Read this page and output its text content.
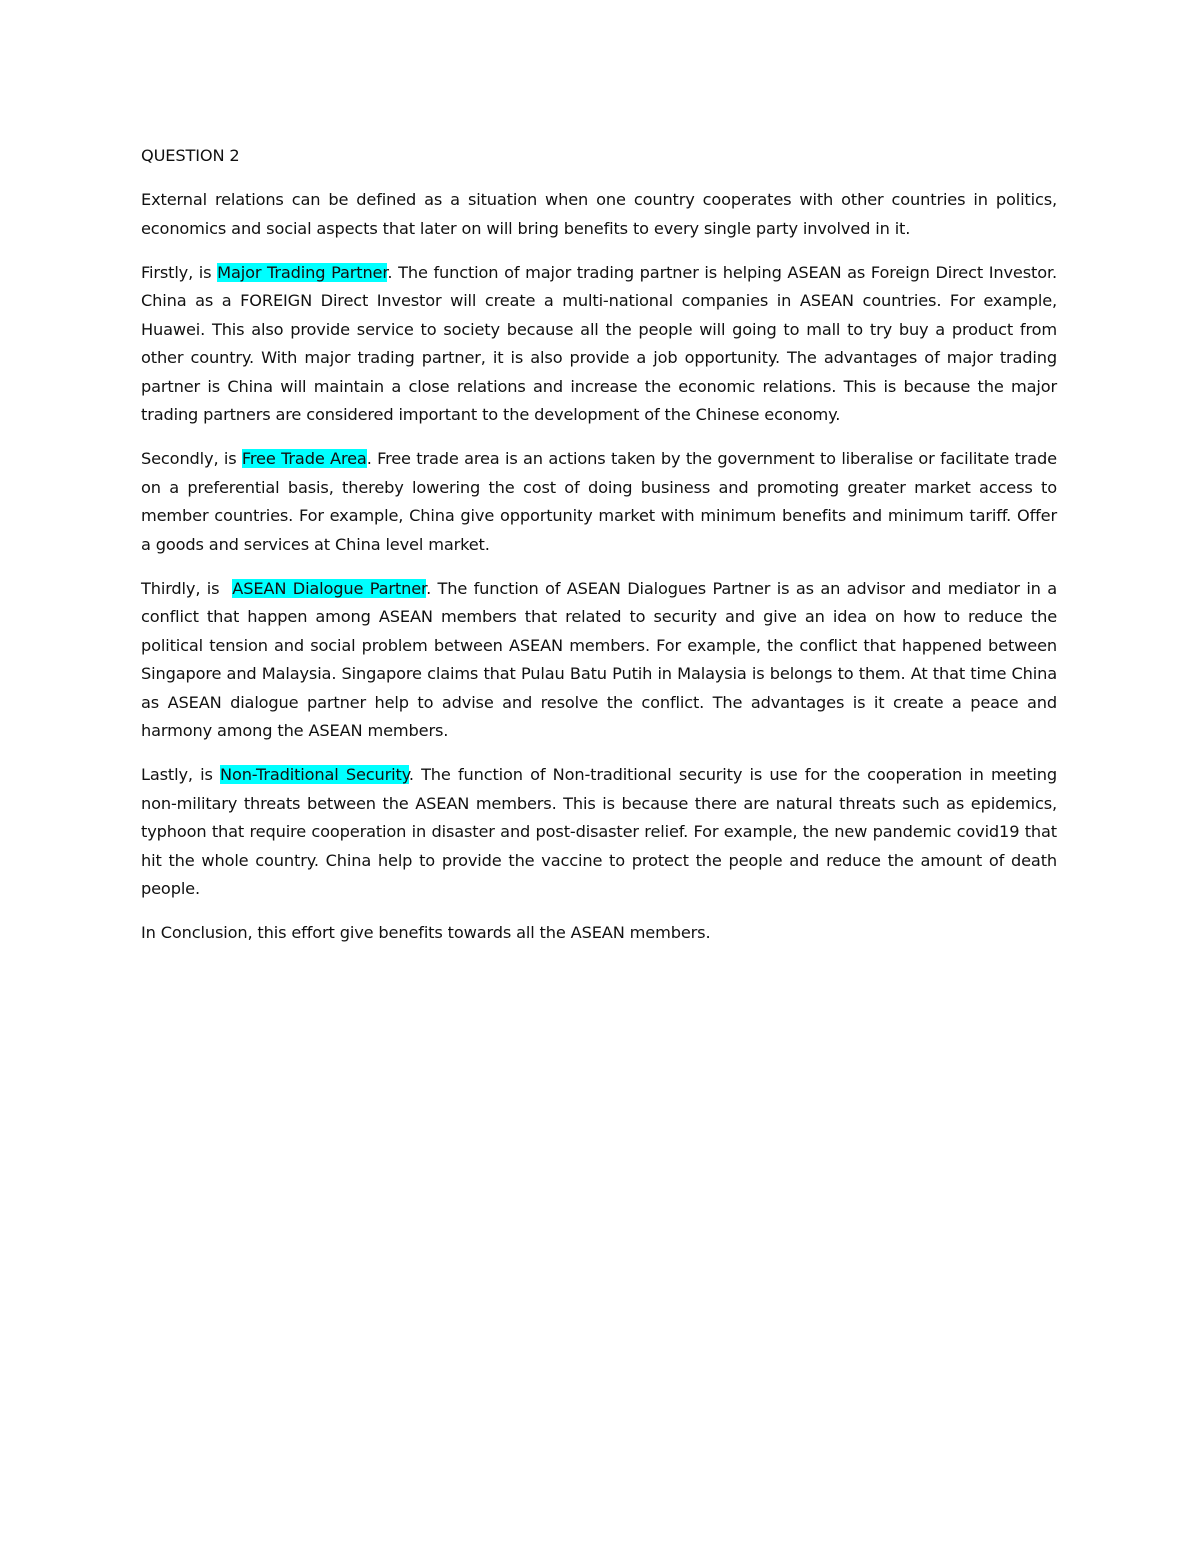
QUESTION 2

External relations can be defined as a situation when one country cooperates with other countries in politics, economics and social aspects that later on will bring benefits to every single party involved in it.

Firstly, is Major Trading Partner. The function of major trading partner is helping ASEAN as Foreign Direct Investor. China as a FOREIGN Direct Investor will create a multi-national companies in ASEAN countries. For example, Huawei. This also provide service to society because all the people will going to mall to try buy a product from other country. With major trading partner, it is also provide a job opportunity. The advantages of major trading partner is China will maintain a close relations and increase the economic relations. This is because the major trading partners are considered important to the development of the Chinese economy.

Secondly, is Free Trade Area. Free trade area is an actions taken by the government to liberalise or facilitate trade on a preferential basis, thereby lowering the cost of doing business and promoting greater market access to member countries. For example, China give opportunity market with minimum benefits and minimum tariff. Offer a goods and services at China level market.

Thirdly, is  ASEAN Dialogue Partner. The function of ASEAN Dialogues Partner is as an advisor and mediator in a conflict that happen among ASEAN members that related to security and give an idea on how to reduce the political tension and social problem between ASEAN members. For example, the conflict that happened between Singapore and Malaysia. Singapore claims that Pulau Batu Putih in Malaysia is belongs to them. At that time China as ASEAN dialogue partner help to advise and resolve the conflict. The advantages is it create a peace and harmony among the ASEAN members.

Lastly, is Non-Traditional Security. The function of Non-traditional security is use for the cooperation in meeting non-military threats between the ASEAN members. This is because there are natural threats such as epidemics, typhoon that require cooperation in disaster and post-disaster relief. For example, the new pandemic covid19 that hit the whole country. China help to provide the vaccine to protect the people and reduce the amount of death people.

In Conclusion, this effort give benefits towards all the ASEAN members.
